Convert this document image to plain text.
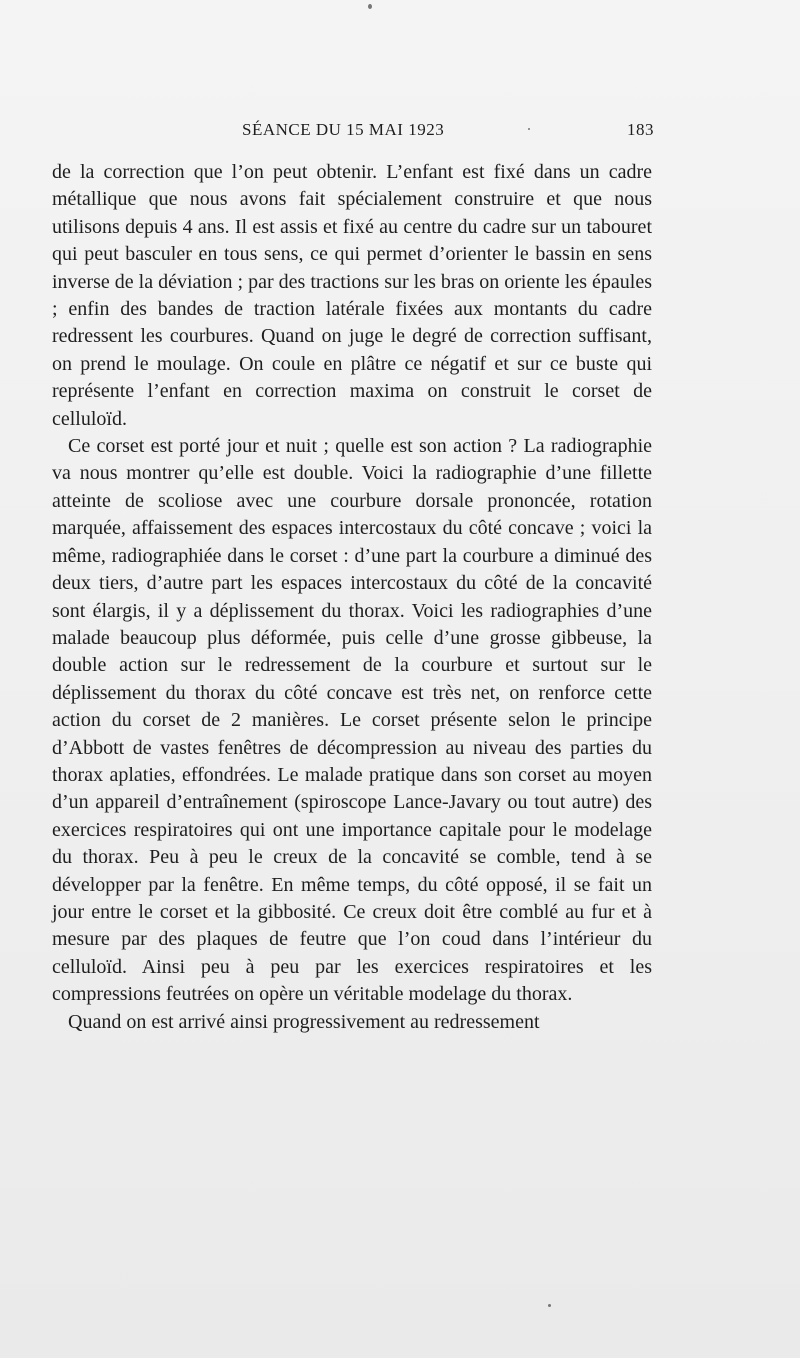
SÉANCE DU 15 MAI 1923	183

de la correction que l’on peut obtenir. L’enfant est fixé dans un cadre métallique que nous avons fait spécialement construire et que nous utilisons depuis 4 ans. Il est assis et fixé au centre du cadre sur un tabouret qui peut basculer en tous sens, ce qui permet d’orienter le bassin en sens inverse de la déviation ; par des tractions sur les bras on oriente les épaules ; enfin des bandes de traction latérale fixées aux montants du cadre redressent les courbures. Quand on juge le degré de correction suffisant, on prend le moulage. On coule en plâtre ce négatif et sur ce buste qui représente l’enfant en correction maxima on construit le corset de celluloïd.

Ce corset est porté jour et nuit ; quelle est son action ? La radiographie va nous montrer qu’elle est double. Voici la radiographie d’une fillette atteinte de scoliose avec une courbure dorsale prononcée, rotation marquée, affaissement des espaces intercostaux du côté concave ; voici la même, radiographiée dans le corset : d’une part la courbure a diminué des deux tiers, d’autre part les espaces intercostaux du côté de la concavité sont élargis, il y a déplissement du thorax. Voici les radiographies d’une malade beaucoup plus déformée, puis celle d’une grosse gibbeuse, la double action sur le redressement de la courbure et surtout sur le déplissement du thorax du côté concave est très net, on renforce cette action du corset de 2 manières. Le corset présente selon le principe d’Abbott de vastes fenêtres de décompression au niveau des parties du thorax aplaties, effondrées. Le malade pratique dans son corset au moyen d’un appareil d’entraînement (spiroscope Lance-Javary ou tout autre) des exercices respiratoires qui ont une importance capitale pour le modelage du thorax. Peu à peu le creux de la concavité se comble, tend à se développer par la fenêtre. En même temps, du côté opposé, il se fait un jour entre le corset et la gibbosité. Ce creux doit être comblé au fur et à mesure par des plaques de feutre que l’on coud dans l’intérieur du celluloïd. Ainsi peu à peu par les exercices respiratoires et les compressions feutrées on opère un véritable modelage du thorax.

Quand on est arrivé ainsi progressivement au redressement
